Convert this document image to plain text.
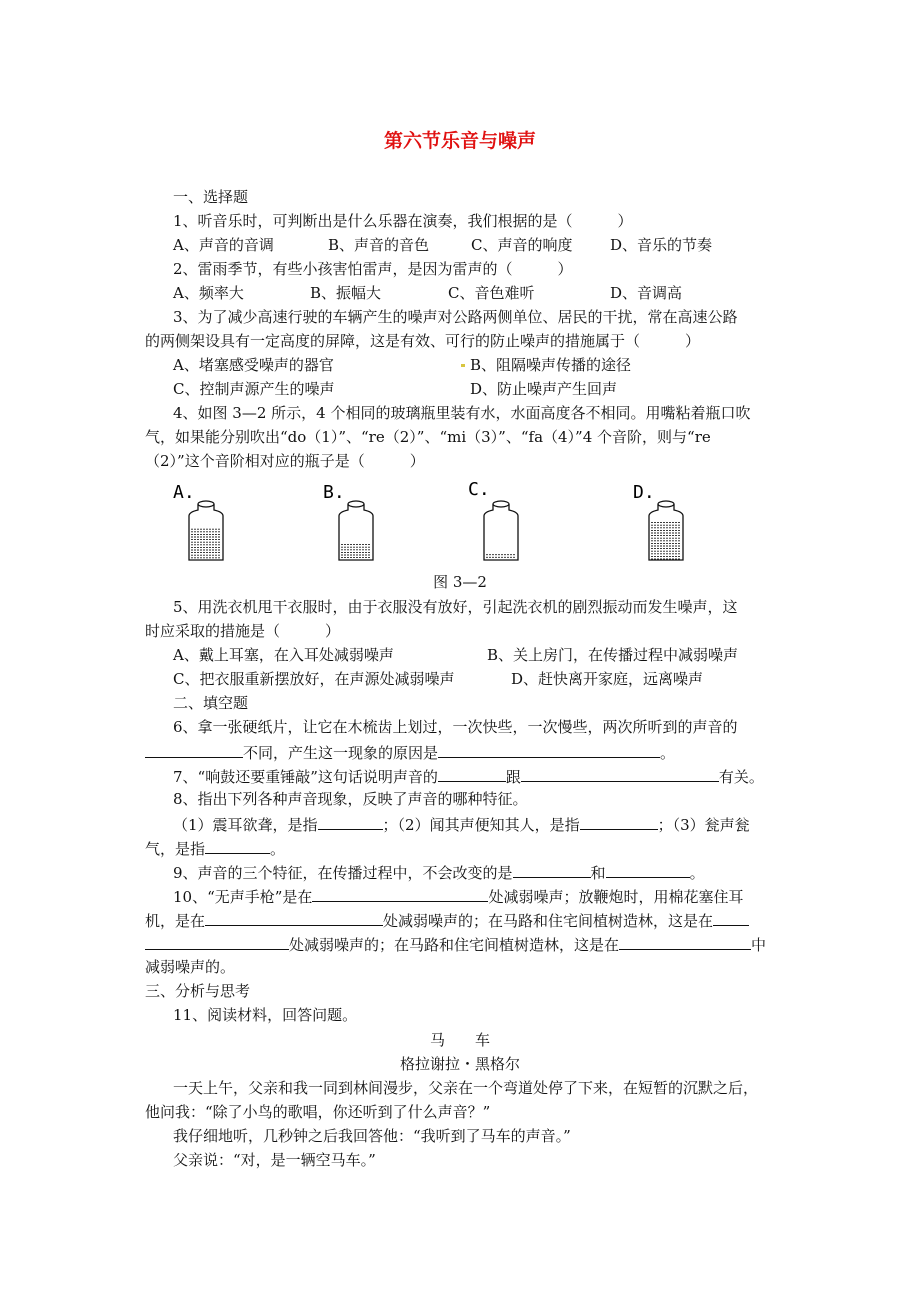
第六节乐音与噪声
一、选择题
1、听音乐时，可判断出是什么乐器在演奏，我们根据的是（　　　）
A、声音的音调	B、声音的音色	C、声音的响度	D、音乐的节奏
2、雷雨季节，有些小孩害怕雷声，是因为雷声的（　　　）
A、频率大	B、振幅大	C、音色难听	D、音调高
3、为了减少高速行驶的车辆产生的噪声对公路两侧单位、居民的干扰，常在高速公路
的两侧架设具有一定高度的屏障，这是有效、可行的防止噪声的措施属于（　　　）
A、堵塞感受噪声的器官	B、阻隔噪声传播的途径
C、控制声源产生的噪声	D、防止噪声产生回声
4、如图 3—2 所示，4 个相同的玻璃瓶里装有水，水面高度各不相同。用嘴粘着瓶口吹
气，如果能分别吹出“do（1）”、“re（2）”、“mi（3）”、“fa（4）”4 个音阶，则与“re
（2）”这个音阶相对应的瓶子是（　　　）
A.	B.	C.	D.
图 3—2
5、用洗衣机甩干衣服时，由于衣服没有放好，引起洗衣机的剧烈振动而发生噪声，这
时应采取的措施是（　　　）
A、戴上耳塞，在入耳处减弱噪声	B、关上房门，在传播过程中减弱噪声
C、把衣服重新摆放好，在声源处减弱噪声	D、赶快离开家庭，远离噪声
二、填空题
6、拿一张硬纸片，让它在木梳齿上划过，一次快些，一次慢些，两次所听到的声音的
不同，产生这一现象的原因是	。
7、“响鼓还要重锤敲”这句话说明声音的	跟	有关。
8、指出下列各种声音现象，反映了声音的哪种特征。
（1）震耳欲聋，是指	；（2）闻其声便知其人，是指	；（3）瓮声瓮
气，是指	。
9、声音的三个特征，在传播过程中，不会改变的是	和	。
10、“无声手枪”是在	处减弱噪声；放鞭炮时，用棉花塞住耳
机，是在	处减弱噪声的；在马路和住宅间植树造林，这是在
处减弱噪声的；在马路和住宅间植树造林，这是在	中
减弱噪声的。
三、分析与思考
11、阅读材料，回答问题。
马　　车
格拉谢拉・黑格尔
一天上午，父亲和我一同到林间漫步，父亲在一个弯道处停了下来，在短暂的沉默之后，
他问我：“除了小鸟的歌唱，你还听到了什么声音？”
我仔细地听，几秒钟之后我回答他：“我听到了马车的声音。”
父亲说：“对，是一辆空马车。”
